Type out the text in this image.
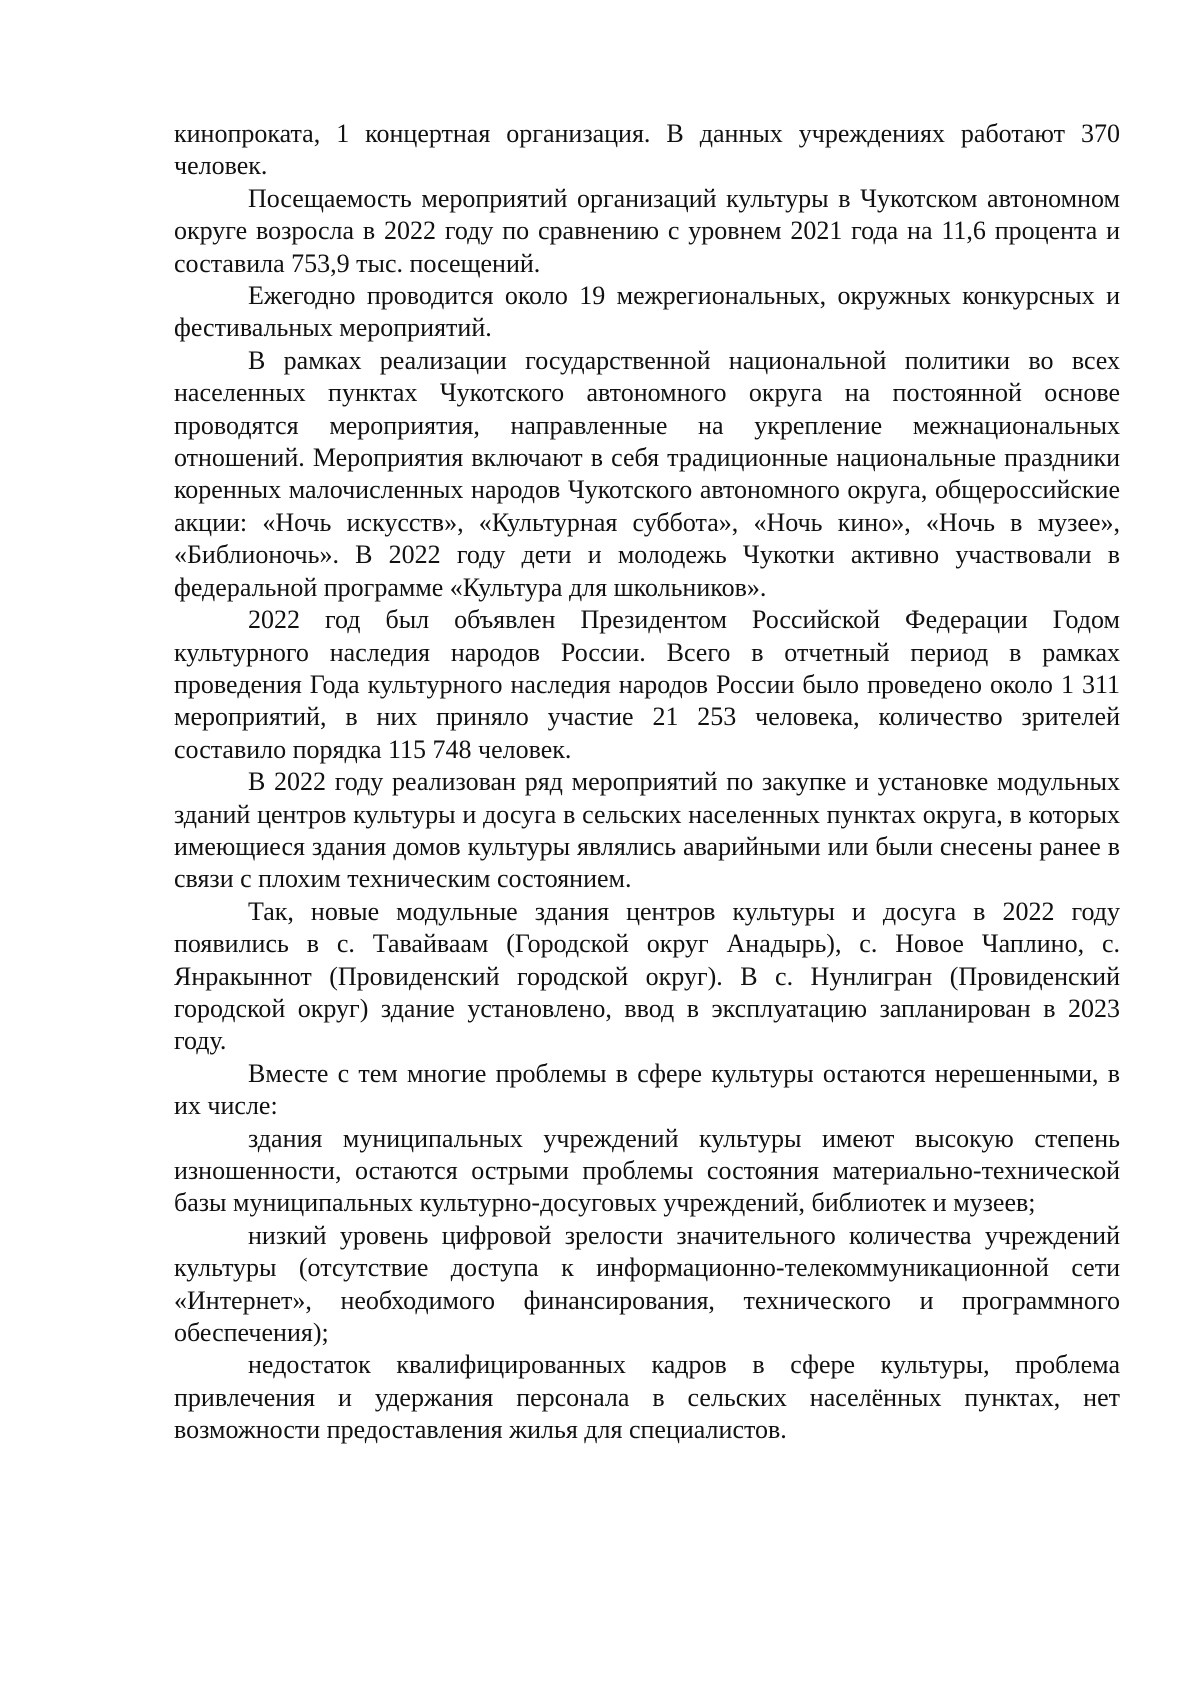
кинопроката, 1 концертная организация. В данных учреждениях работают 370 человек.

Посещаемость мероприятий организаций культуры в Чукотском автономном округе возросла в 2022 году по сравнению с уровнем 2021 года на 11,6 процента и составила 753,9 тыс. посещений.

Ежегодно проводится около 19 межрегиональных, окружных конкурсных и фестивальных мероприятий.

В рамках реализации государственной национальной политики во всех населенных пунктах Чукотского автономного округа на постоянной основе проводятся мероприятия, направленные на укрепление межнациональных отношений. Мероприятия включают в себя традиционные национальные праздники коренных малочисленных народов Чукотского автономного округа, общероссийские акции: «Ночь искусств», «Культурная суббота», «Ночь кино», «Ночь в музее», «Библионочь». В 2022 году дети и молодежь Чукотки активно участвовали в федеральной программе «Культура для школьников».

2022 год был объявлен Президентом Российской Федерации Годом культурного наследия народов России. Всего в отчетный период в рамках проведения Года культурного наследия народов России было проведено около 1 311 мероприятий, в них приняло участие 21 253 человека, количество зрителей составило порядка 115 748 человек.

В 2022 году реализован ряд мероприятий по закупке и установке модульных зданий центров культуры и досуга в сельских населенных пунктах округа, в которых имеющиеся здания домов культуры являлись аварийными или были снесены ранее в связи с плохим техническим состоянием.

Так, новые модульные здания центров культуры и досуга в 2022 году появились в с. Тавайваам (Городской округ Анадырь), с. Новое Чаплино, с. Янракыннот (Провиденский городской округ). В с. Нунлигран (Провиденский городской округ) здание установлено, ввод в эксплуатацию запланирован в 2023 году.

Вместе с тем многие проблемы в сфере культуры остаются нерешенными, в их числе:

здания муниципальных учреждений культуры имеют высокую степень изношенности, остаются острыми проблемы состояния материально-технической базы муниципальных культурно-досуговых учреждений, библиотек и музеев;

низкий уровень цифровой зрелости значительного количества учреждений культуры (отсутствие доступа к информационно-телекоммуникационной сети «Интернет», необходимого финансирования, технического и программного обеспечения);

недостаток квалифицированных кадров в сфере культуры, проблема привлечения и удержания персонала в сельских населённых пунктах, нет возможности предоставления жилья для специалистов.
